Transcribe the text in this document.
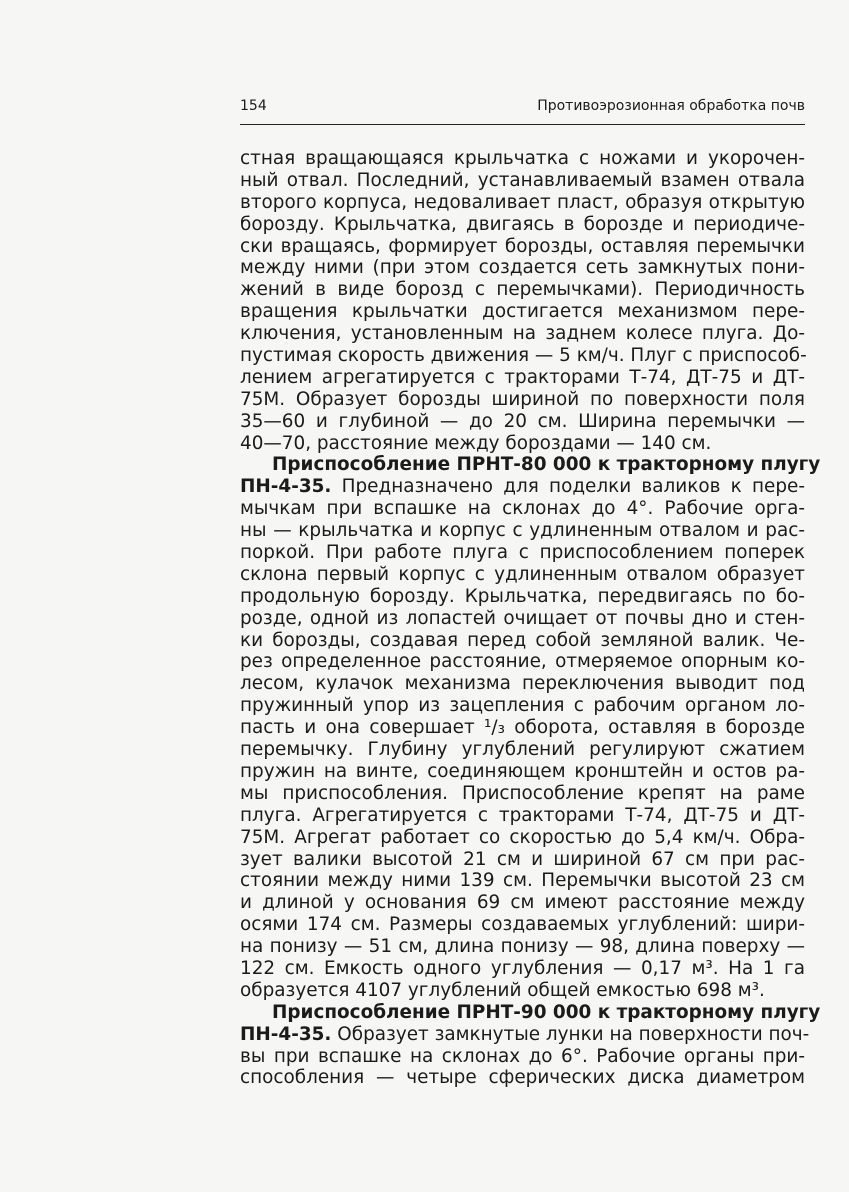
154	Противоэрозионная обработка почв
стная вращающаяся крыльчатка с ножами и укорочен-
ный отвал. Последний, устанавливаемый взамен отвала
второго корпуса, недоваливает пласт, образуя открытую
борозду. Крыльчатка, двигаясь в борозде и периодиче-
ски вращаясь, формирует борозды, оставляя перемычки
между ними (при этом создается сеть замкнутых пони-
жений в виде борозд с перемычками). Периодичность
вращения крыльчатки достигается механизмом пере-
ключения, установленным на заднем колесе плуга. До-
пустимая скорость движения — 5 км/ч. Плуг с приспособ-
лением агрегатируется с тракторами Т-74, ДТ-75 и ДТ-
75М. Образует борозды шириной по поверхности поля
35—60 и глубиной — до 20 см. Ширина перемычки —
40—70, расстояние между бороздами — 140 см.
Приспособление ПРНТ-80 000 к тракторному плугу
ПН-4-35. Предназначено для поделки валиков к пере-
мычкам при вспашке на склонах до 4°. Рабочие орга-
ны — крыльчатка и корпус с удлиненным отвалом и рас-
поркой. При работе плуга с приспособлением поперек
склона первый корпус с удлиненным отвалом образует
продольную борозду. Крыльчатка, передвигаясь по бо-
розде, одной из лопастей очищает от почвы дно и стен-
ки борозды, создавая перед собой земляной валик. Че-
рез определенное расстояние, отмеряемое опорным ко-
лесом, кулачок механизма переключения выводит под
пружинный упор из зацепления с рабочим органом ло-
пасть и она совершает ¹/₃ оборота, оставляя в борозде
перемычку. Глубину углублений регулируют сжатием
пружин на винте, соединяющем кронштейн и остов ра-
мы приспособления. Приспособление крепят на раме
плуга. Агрегатируется с тракторами Т-74, ДТ-75 и ДТ-
75М. Агрегат работает со скоростью до 5,4 км/ч. Обра-
зует валики высотой 21 см и шириной 67 см при рас-
стоянии между ними 139 см. Перемычки высотой 23 см
и длиной у основания 69 см имеют расстояние между
осями 174 см. Размеры создаваемых углублений: шири-
на понизу — 51 см, длина понизу — 98, длина поверху —
122 см. Емкость одного углубления — 0,17 м³. На 1 га
образуется 4107 углублений общей емкостью 698 м³.
Приспособление ПРНТ-90 000 к тракторному плугу
ПН-4-35. Образует замкнутые лунки на поверхности поч-
вы при вспашке на склонах до 6°. Рабочие органы при-
способления — четыре сферических диска диаметром
